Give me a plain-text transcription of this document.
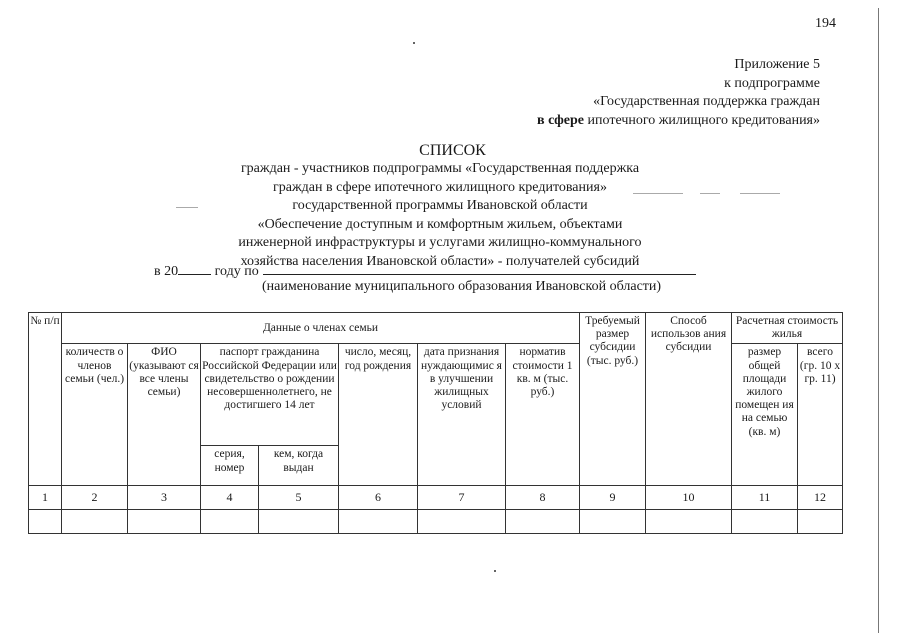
194
Приложение 5
к подпрограмме
«Государственная поддержка граждан
в сфере ипотечного жилищного кредитования»
СПИСОК
граждан - участников подпрограммы «Государственная поддержка
граждан в сфере ипотечного жилищного кредитования»
государственной программы Ивановской области
«Обеспечение доступным и комфортным жильем, объектами
инженерной инфраструктуры и услугами жилищно-коммунального
хозяйства населения Ивановской области» - получателей субсидий
в 20	году по
(наименование муниципального образования Ивановской области)
№ п/п	Данные о членах семьи							Требуемый размер субсидии (тыс. руб.)	Способ использов ания субсидии	Расчетная стоимость жилья	
	количеств о членов семьи (чел.)	ФИО (указывают ся все члены семьи)	паспорт гражданина Российской Федерации или свидетельство о рождении несовершеннолетнего, не достигшего 14 лет		число, месяц, год рождения	дата признания нуждающимис я в улучшении жилищных условий	норматив стоимости 1 кв. м (тыс. руб.)			размер общей площади жилого помещен ия на семью (кв. м)	всего (гр. 10 х гр. 11)
			серия, номер	кем, когда выдан							
1	2	3	4	5	6	7	8	9	10	11	12
